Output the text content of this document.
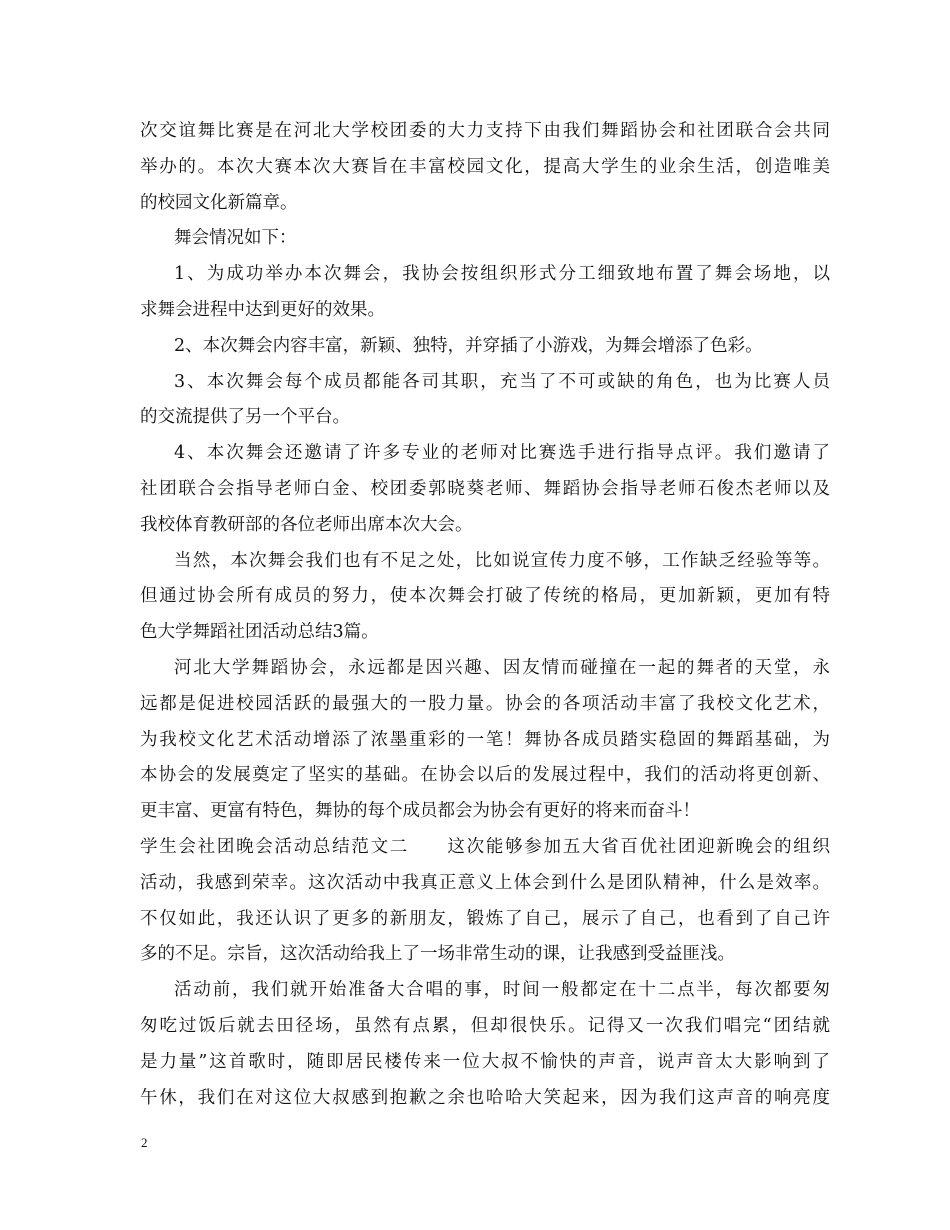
次交谊舞比赛是在河北大学校团委的大力支持下由我们舞蹈协会和社团联合会共同
举办的。本次大赛本次大赛旨在丰富校园文化，提高大学生的业余生活，创造唯美
的校园文化新篇章。
舞会情况如下：
1、为成功举办本次舞会，我协会按组织形式分工细致地布置了舞会场地，以
求舞会进程中达到更好的效果。
2、本次舞会内容丰富，新颖、独特，并穿插了小游戏，为舞会增添了色彩。
3、本次舞会每个成员都能各司其职，充当了不可或缺的角色，也为比赛人员
的交流提供了另一个平台。
4、本次舞会还邀请了许多专业的老师对比赛选手进行指导点评。我们邀请了
社团联合会指导老师白金、校团委郭晓葵老师、舞蹈协会指导老师石俊杰老师以及
我校体育教研部的各位老师出席本次大会。
当然，本次舞会我们也有不足之处，比如说宣传力度不够，工作缺乏经验等等。
但通过协会所有成员的努力，使本次舞会打破了传统的格局，更加新颖，更加有特
色大学舞蹈社团活动总结3篇。
河北大学舞蹈协会，永远都是因兴趣、因友情而碰撞在一起的舞者的天堂，永
远都是促进校园活跃的最强大的一股力量。协会的各项活动丰富了我校文化艺术，
为我校文化艺术活动增添了浓墨重彩的一笔！舞协各成员踏实稳固的舞蹈基础，为
本协会的发展奠定了坚实的基础。在协会以后的发展过程中，我们的活动将更创新、
更丰富、更富有特色，舞协的每个成员都会为协会有更好的将来而奋斗！
学生会社团晚会活动总结范文二　　这次能够参加五大省百优社团迎新晚会的组织
活动，我感到荣幸。这次活动中我真正意义上体会到什么是团队精神，什么是效率。
不仅如此，我还认识了更多的新朋友，锻炼了自己，展示了自己，也看到了自己许
多的不足。宗旨，这次活动给我上了一场非常生动的课，让我感到受益匪浅。
活动前，我们就开始准备大合唱的事，时间一般都定在十二点半，每次都要匆
匆吃过饭后就去田径场，虽然有点累，但却很快乐。记得又一次我们唱完“团结就
是力量”这首歌时，随即居民楼传来一位大叔不愉快的声音，说声音太大影响到了
午休，我们在对这位大叔感到抱歉之余也哈哈大笑起来，因为我们这声音的响亮度
2
